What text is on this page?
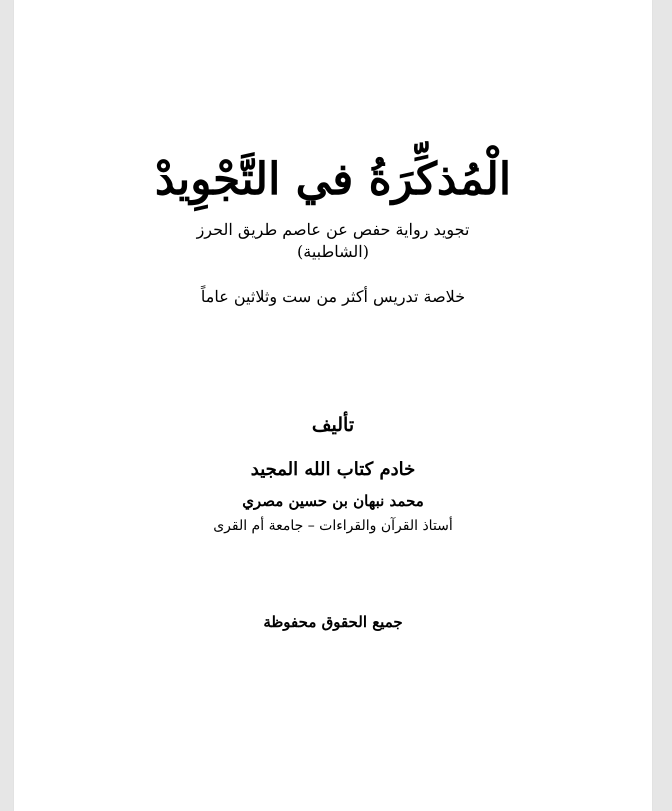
الْمُذكِّرَةُ في التَّجْوِيدْ
تجويد رواية حفص عن عاصم طريق الحرز
(الشاطبية)
خلاصة تدريس أكثر من ست وثلاثين عاماً
تأليف
خادم كتاب الله المجيد
محمد نبهان بن حسين مصري
أستاذ القرآن والقراءات – جامعة أم القرى
جميع الحقوق محفوظة
